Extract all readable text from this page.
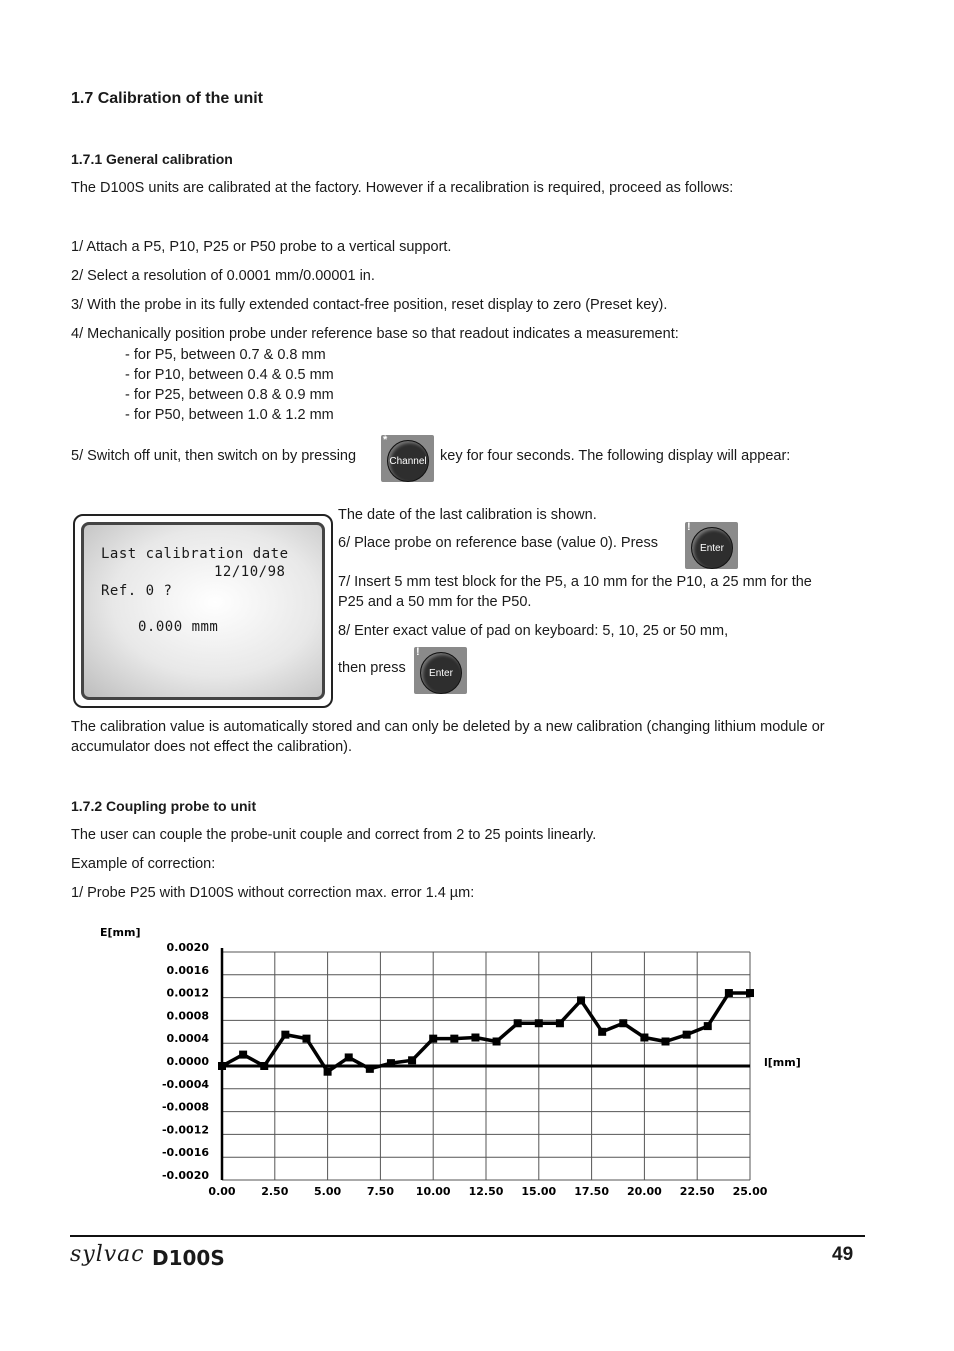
1.7 Calibration of the unit
1.7.1 General calibration
The D100S units are calibrated at the factory. However if a recalibration is required, proceed as follows:
1/ Attach a P5, P10, P25 or P50 probe to a vertical support.
2/ Select a resolution of 0.0001 mm/0.00001 in.
3/ With the probe in its fully extended contact-free position, reset display to zero (Preset key).
4/ Mechanically position probe under reference base so that readout indicates a measurement:
- for P5, between 0.7 & 0.8 mm
- for P10, between 0.4 & 0.5 mm
- for P25, between 0.8 & 0.9 mm
- for P50, between 1.0 & 1.2 mm
5/ Switch off unit, then switch on by pressing
*
Channel key for four seconds. The following display will appear:
Last calibration date
12/10/98
Ref. 0 ?
0.000 mmm
The date of the last calibration is shown.
6/ Place probe on reference base (value 0). Press
!
Enter
7/ Insert 5 mm test block for the P5, a 10 mm for the P10, a 25 mm for the
P25 and a 50 mm for the P50.
8/ Enter exact value of pad on keyboard: 5, 10, 25 or 50 mm,
then press
!
Enter
The calibration value is automatically stored and can only be deleted by a new calibration (changing lithium module or
accumulator does not effect the calibration).
1.7.2 Coupling probe to unit
The user can couple the probe-unit couple and correct from 2 to 25 points linearly.
Example of correction:
1/ Probe P25 with D100S without correction max. error 1.4 µm:
0.00 2.50 5.00 7.50 10.00 12.50 15.00 17.50 20.00 22.50 25.00
0.0020
0.0016
0.0012
0.0008
0.0004
0.0000
-0.0004
-0.0008
-0.0012
-0.0016
-0.0020
E[mm]
l[mm]
sylvac D100S	49
